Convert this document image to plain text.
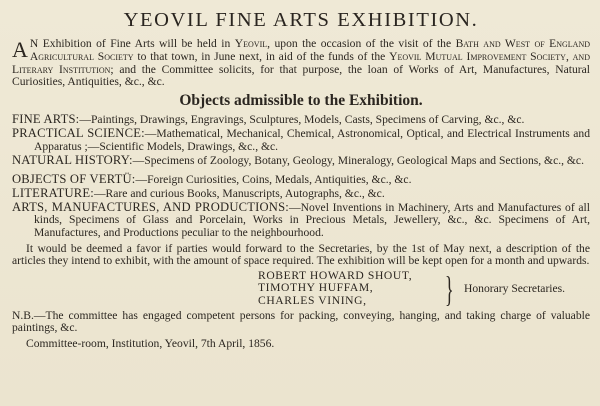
YEOVIL FINE ARTS EXHIBITION.

A N Exhibition of Fine Arts will be held in Yeovil, upon the occasion of the visit of the Bath and West of England Agricultural Society to that town, in June next, in aid of the funds of the Yeovil Mutual Improvement Society, and Literary Institution; and the Committee solicits, for that purpose, the loan of Works of Art, Manufactures, Natural Curiosities, Antiquities, &c., &c.

Objects admissible to the Exhibition.

FINE ARTS:—Paintings, Drawings, Engravings, Sculptures, Models, Casts, Specimens of Carving, &c., &c.

PRACTICAL SCIENCE:—Mathematical, Mechanical, Chemical, Astronomical, Optical, and Electrical Instruments and Apparatus ;—Scientific Models, Drawings, &c., &c.

NATURAL HISTORY:—Specimens of Zoology, Botany, Geology, Mineralogy, Geological Maps and Sections, &c., &c.

OBJECTS OF VERTÜ:—Foreign Curiosities, Coins, Medals, Antiquities, &c., &c.

LITERATURE:—Rare and curious Books, Manuscripts, Autographs, &c., &c.

ARTS, MANUFACTURES, AND PRODUCTIONS:—Novel Inventions in Machinery, Arts and Manufactures of all kinds, Specimens of Glass and Porcelain, Works in Precious Metals, Jewellery, &c., &c. Specimens of Art, Manufactures, and Productions peculiar to the neighbourhood.

It would be deemed a favor if parties would forward to the Secretaries, by the 1st of May next, a description of the articles they intend to exhibit, with the amount of space required. The exhibition will be kept open for a month and upwards.

ROBERT HOWARD SHOUT,
TIMOTHY HUFFAM,
CHARLES VINING,	} Honorary Secretaries.

N.B.—The committee has engaged competent persons for packing, conveying, hanging, and taking charge of valuable paintings, &c.

Committee-room, Institution, Yeovil, 7th April, 1856.
